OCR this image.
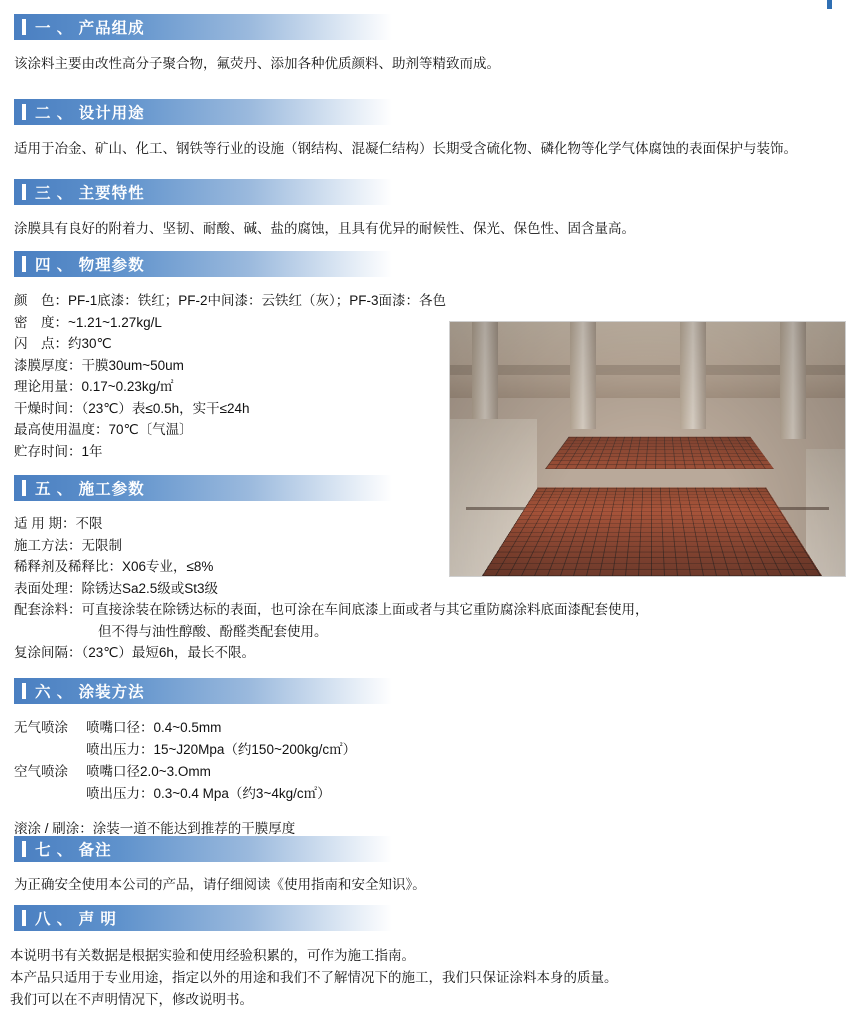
一 、 产品组成

该涂料主要由改性高分子聚合物，氟荧丹、添加各种优质颜料、助剂等精致而成。

二 、 设计用途

适用于冶金、矿山、化工、钢铁等行业的设施（钢结构、混凝仁结构）长期受含硫化物、磷化物等化学气体腐蚀的表面保护与装饰。

三 、 主要特性

涂膜具有良好的附着力、坚韧、耐酸、碱、盐的腐蚀，且具有优异的耐候性、保光、保色性、固含量高。

四 、 物理参数
颜　色：PF-1底漆：铁红；PF-2中间漆：云铁红（灰）；PF-3面漆：各色
密　度：~1.21~1.27kg/L
闪　点：约30℃
漆膜厚度：干膜30um~50um
理论用量：0.17~0.23kg/㎡
干燥时间：（23℃）表≤0.5h，实干≤24h
最高使用温度：70℃〔气温〕
贮存时间：1年
五 、 施工参数
适 用 期：不限
施工方法：无限制
稀释剂及稀释比：X06专业，≤8%
表面处理：除锈达Sa2.5级或St3级
配套涂料：可直接涂装在除锈达标的表面，也可涂在车间底漆上面或者与其它重防腐涂料底面漆配套使用，
但不得与油性醇酸、酚醛类配套使用。
复涂间隔：（23℃）最短6h，最长不限。
六 、 涂装方法
无气喷涂 喷嘴口径：0.4~0.5mm
喷出压力：15~J20Mpa（约150~200kg/c㎡）
空气喷涂 喷嘴口径2.0~3.Omm
喷出压力：0.3~0.4 Mpa（约3~4kg/c㎡）

滚涂 / 刷涂：涂装一道不能达到推荐的干膜厚度

七 、 备注

为正确安全使用本公司的产品，请仔细阅读《使用指南和安全知识》。

八 、 声 明

本说明书有关数据是根据实验和使用经验积累的，可作为施工指南。

本产品只适用于专业用途，指定以外的用途和我们不了解情况下的施工，我们只保证涂料本身的质量。

我们可以在不声明情况下，修改说明书。
